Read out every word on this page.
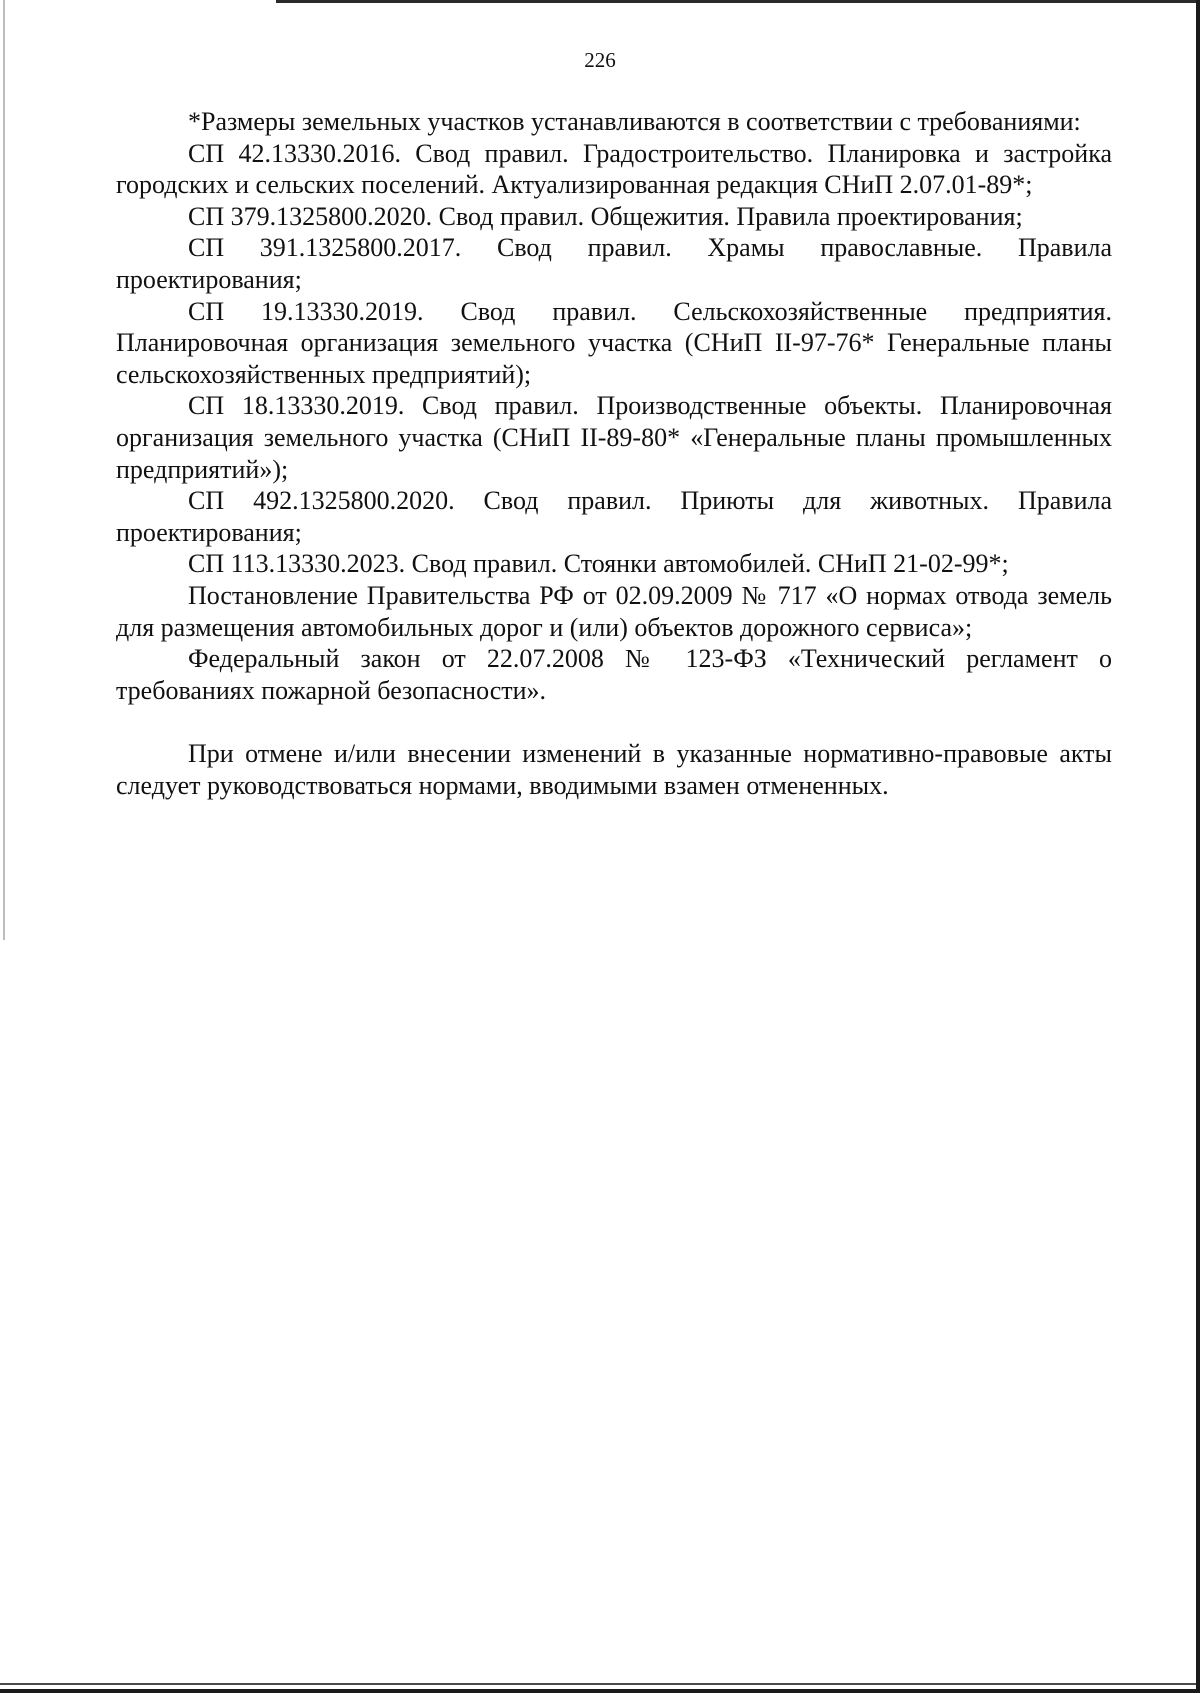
226

*Размеры земельных участков устанавливаются в соответствии с требованиями:

СП 42.13330.2016. Свод правил. Градостроительство. Планировка и застройка городских и сельских поселений. Актуализированная редакция СНиП 2.07.01-89*;

СП 379.1325800.2020. Свод правил. Общежития. Правила проектирования;

СП 391.1325800.2017. Свод правил. Храмы православные. Правила проектирования;

СП 19.13330.2019. Свод правил. Сельскохозяйственные предприятия. Планировочная организация земельного участка (СНиП II-97-76* Генеральные планы сельскохозяйственных предприятий);

СП 18.13330.2019. Свод правил. Производственные объекты. Планировочная организация земельного участка (СНиП II-89-80* «Генеральные планы промышленных предприятий»);

СП 492.1325800.2020. Свод правил. Приюты для животных. Правила проектирования;

СП 113.13330.2023. Свод правил. Стоянки автомобилей. СНиП 21-02-99*;

Постановление Правительства РФ от 02.09.2009 № 717 «О нормах отвода земель для размещения автомобильных дорог и (или) объектов дорожного сервиса»;

Федеральный закон от 22.07.2008 № 123-ФЗ «Технический регламент о требованиях пожарной безопасности».

При отмене и/или внесении изменений в указанные нормативно-правовые акты следует руководствоваться нормами, вводимыми взамен отмененных.
